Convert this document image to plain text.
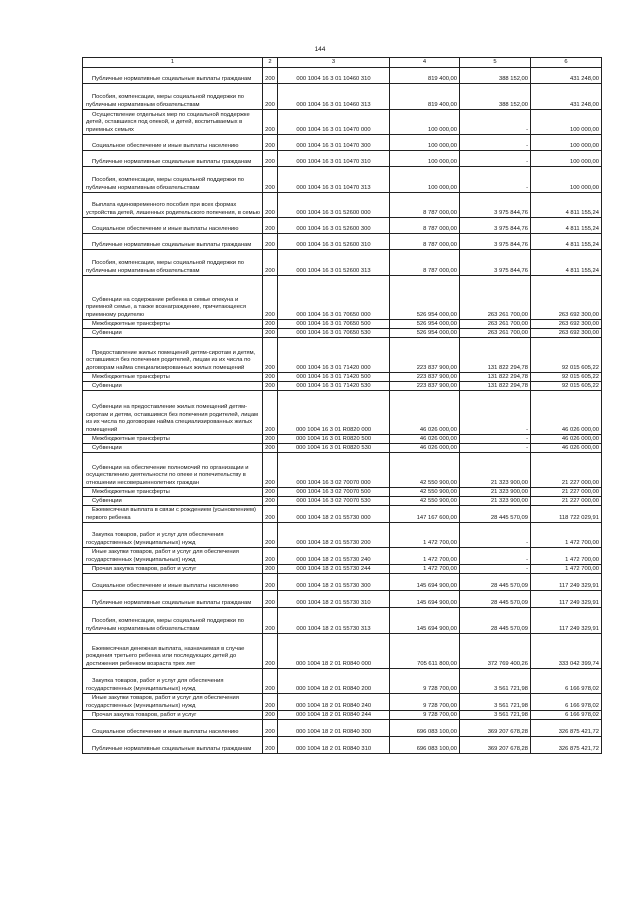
144
1	2	3	4	5	6
Публичные нормативные социальные выплаты гражданам	200	000 1004 16 3 01 10460 310	819 400,00	388 152,00	431 248,00
Пособия, компенсации, меры социальной поддержки по публичным нормативным обязательствам	200	000 1004 16 3 01 10460 313	819 400,00	388 152,00	431 248,00
Осуществление отдельных мер по социальной поддержке детей, оставшихся под опекой, и детей, воспитываемых в приемных семьях	200	000 1004 16 3 01 10470 000	100 000,00	-	100 000,00
Социальное обеспечение и иные выплаты населению	200	000 1004 16 3 01 10470 300	100 000,00	-	100 000,00
Публичные нормативные социальные выплаты гражданам	200	000 1004 16 3 01 10470 310	100 000,00	-	100 000,00
Пособия, компенсации, меры социальной поддержки по публичным нормативным обязательствам	200	000 1004 16 3 01 10470 313	100 000,00	-	100 000,00
Выплата единовременного пособия при всех формах устройства детей, лишенных родительского попечения, в семью	200	000 1004 16 3 01 52600 000	8 787 000,00	3 975 844,76	4 811 155,24
Социальное обеспечение и иные выплаты населению	200	000 1004 16 3 01 52600 300	8 787 000,00	3 975 844,76	4 811 155,24
Публичные нормативные социальные выплаты гражданам	200	000 1004 16 3 01 52600 310	8 787 000,00	3 975 844,76	4 811 155,24
Пособия, компенсации, меры социальной поддержки по публичным нормативным обязательствам	200	000 1004 16 3 01 52600 313	8 787 000,00	3 975 844,76	4 811 155,24
Субвенции на содержание ребенка в семье опекуна и приемной семье, а также вознаграждение, причитающееся приемному родителю	200	000 1004 16 3 01 70650 000	526 954 000,00	263 261 700,00	263 692 300,00
Межбюджетные трансферты	200	000 1004 16 3 01 70650 500	526 954 000,00	263 261 700,00	263 692 300,00
Субвенции	200	000 1004 16 3 01 70650 530	526 954 000,00	263 261 700,00	263 692 300,00
Предоставление жилых помещений детям-сиротам и детям, оставшимся без попечения родителей, лицам из их числа по договорам найма специализированных жилых помещений	200	000 1004 16 3 01 71420 000	223 837 900,00	131 822 294,78	92 015 605,22
Межбюджетные трансферты	200	000 1004 16 3 01 71420 500	223 837 900,00	131 822 294,78	92 015 605,22
Субвенции	200	000 1004 16 3 01 71420 530	223 837 900,00	131 822 294,78	92 015 605,22
Субвенции на предоставление жилых помещений детям-сиротам и детям, оставшимся без попечения родителей, лицам из их числа по договорам найма специализированных жилых помещений	200	000 1004 16 3 01 R0820 000	46 026 000,00	-	46 026 000,00
Межбюджетные трансферты	200	000 1004 16 3 01 R0820 500	46 026 000,00	-	46 026 000,00
Субвенции	200	000 1004 16 3 01 R0820 530	46 026 000,00	-	46 026 000,00
Субвенции на обеспечение полномочий по организации и осуществлению деятельности по опеке и попечительству в отношении несовершеннолетних граждан	200	000 1004 16 3 02 70070 000	42 550 900,00	21 323 900,00	21 227 000,00
Межбюджетные трансферты	200	000 1004 16 3 02 70070 500	42 550 900,00	21 323 900,00	21 227 000,00
Субвенции	200	000 1004 16 3 02 70070 530	42 550 900,00	21 323 900,00	21 227 000,00
Ежемесячная выплата в связи с рождением (усыновлением) первого ребенка	200	000 1004 18 2 01 55730 000	147 167 600,00	28 445 570,09	118 722 029,91
Закупка товаров, работ и услуг для обеспечения государственных (муниципальных) нужд	200	000 1004 18 2 01 55730 200	1 472 700,00	-	1 472 700,00
Иные закупки товаров, работ и услуг для обеспечения государственных (муниципальных) нужд	200	000 1004 18 2 01 55730 240	1 472 700,00	-	1 472 700,00
Прочая закупка товаров, работ и услуг	200	000 1004 18 2 01 55730 244	1 472 700,00	-	1 472 700,00
Социальное обеспечение и иные выплаты населению	200	000 1004 18 2 01 55730 300	145 694 900,00	28 445 570,09	117 249 329,91
Публичные нормативные социальные выплаты гражданам	200	000 1004 18 2 01 55730 310	145 694 900,00	28 445 570,09	117 249 329,91
Пособия, компенсации, меры социальной поддержки по публичным нормативным обязательствам	200	000 1004 18 2 01 55730 313	145 694 900,00	28 445 570,09	117 249 329,91
Ежемесячная денежная выплата, назначаемая в случае рождения третьего ребенка или последующих детей до достижения ребенком возраста трех лет	200	000 1004 18 2 01 R0840 000	705 611 800,00	372 769 400,26	333 042 399,74
Закупка товаров, работ и услуг для обеспечения государственных (муниципальных) нужд	200	000 1004 18 2 01 R0840 200	9 728 700,00	3 561 721,98	6 166 978,02
Иные закупки товаров, работ и услуг для обеспечения государственных (муниципальных) нужд	200	000 1004 18 2 01 R0840 240	9 728 700,00	3 561 721,98	6 166 978,02
Прочая закупка товаров, работ и услуг	200	000 1004 18 2 01 R0840 244	9 728 700,00	3 561 721,98	6 166 978,02
Социальное обеспечение и иные выплаты населению	200	000 1004 18 2 01 R0840 300	696 083 100,00	369 207 678,28	326 875 421,72
Публичные нормативные социальные выплаты гражданам	200	000 1004 18 2 01 R0840 310	696 083 100,00	369 207 678,28	326 875 421,72
